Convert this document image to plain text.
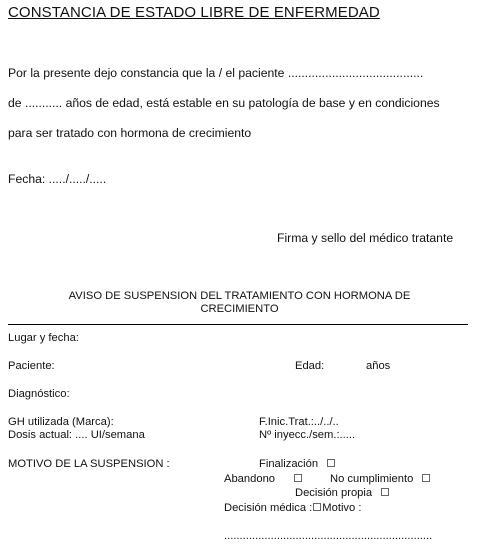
CONSTANCIA DE ESTADO LIBRE DE ENFERMEDAD
Por la presente dejo constancia que la / el paciente ........................................
de ........... años de edad, está estable en su patología de base y en condiciones
para ser tratado con hormona de crecimiento
Fecha: ...../...../.....
Firma y sello del médico tratante
AVISO DE SUSPENSION DEL TRATAMIENTO CON HORMONA DE
CRECIMIENTO
Lugar y fecha:
Paciente:	Edad:	años
Diagnóstico:
GH utilizada (Marca):	F.Inic.Trat.:../../..
Dosis actual: .... UI/semana	Nº inyecc./sem.:.....
MOTIVO DE LA SUSPENSION :	Finalización
Abandono	No cumplimiento
Decisión propia
Decisión médica : Motivo :
...................................................................
